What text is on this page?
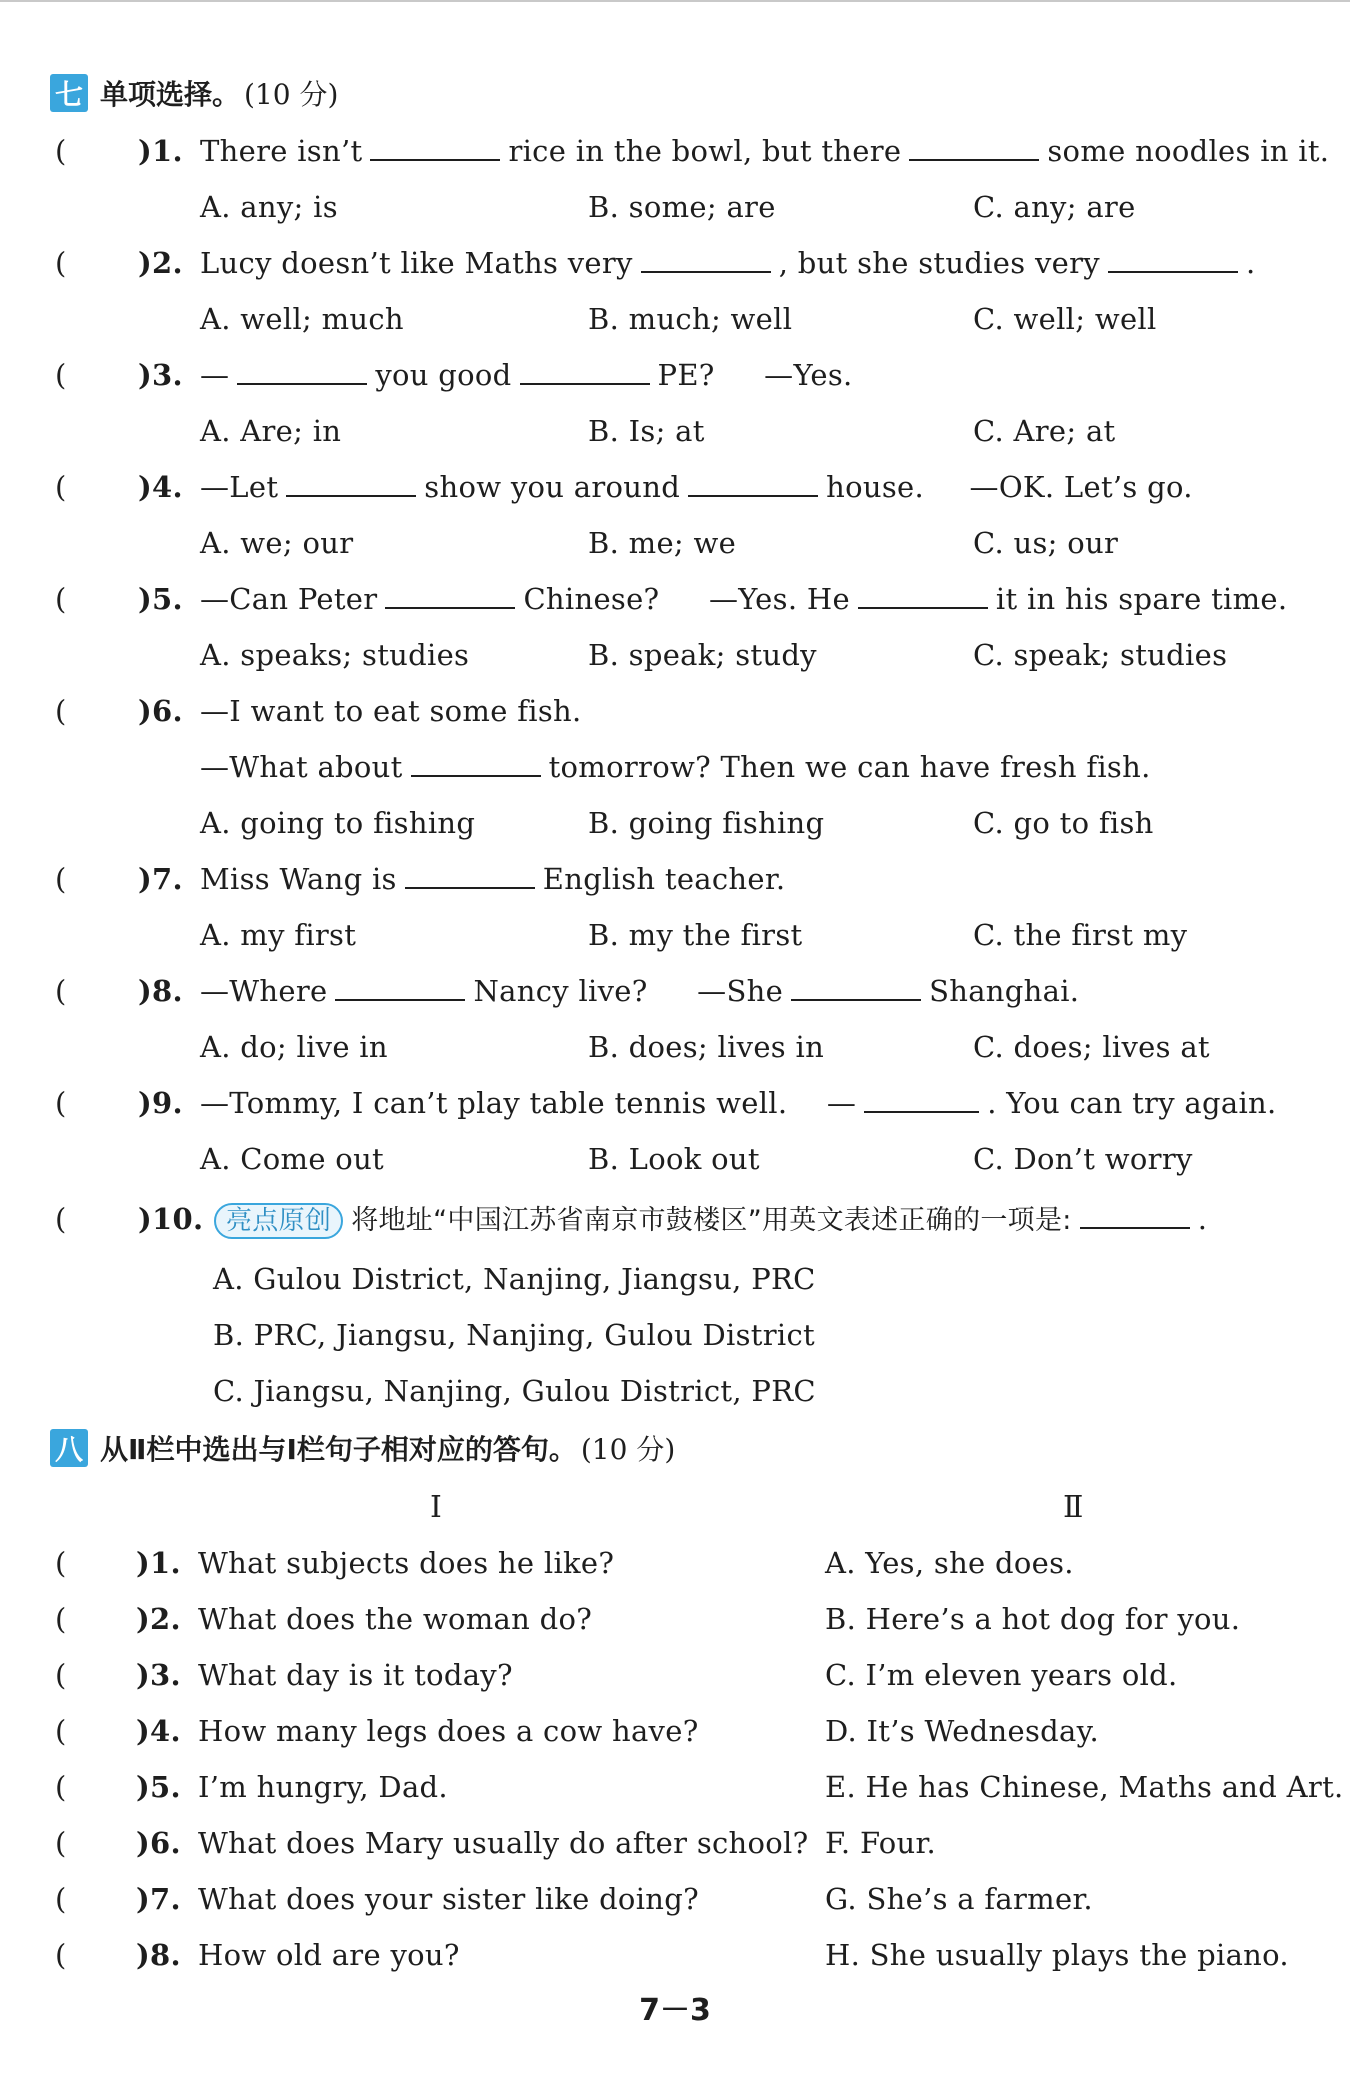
七 单项选择。 (10 分)
( )1. There isn’t	rice in the bowl, but there	some noodles in it.
A. any; is	B. some; are	C. any; are
( )2. Lucy doesn’t like Maths very	, but she studies very	.
A. well; much	B. much; well	C. well; well
( )3. —	you good	PE? —Yes.
A. Are; in	B. Is; at	C. Are; at
( )4. —Let	show you around	house. —OK. Let’s go.
A. we; our	B. me; we	C. us; our
( )5. —Can Peter	Chinese? —Yes. He	it in his spare time.
A. speaks; studies	B. speak; study	C. speak; studies
( )6. —I want to eat some fish.
—What about	tomorrow? Then we can have fresh fish.
A. going to fishing	B. going fishing	C. go to fish
( )7. Miss Wang is	English teacher.
A. my first	B. my the first	C. the first my
( )8. —Where	Nancy live? —She	Shanghai.
A. do; live in	B. does; lives in	C. does; lives at
( )9. —Tommy, I can’t play table tennis well. —	. You can try again.
A. Come out	B. Look out	C. Don’t worry
( )10. 亮点原创 将地址“中国江苏省南京市鼓楼区”用英文表述正确的一项是:	.
A. Gulou District, Nanjing, Jiangsu, PRC
B. PRC, Jiangsu, Nanjing, Gulou District
C. Jiangsu, Nanjing, Gulou District, PRC
八 从Ⅱ栏中选出与Ⅰ栏句子相对应的答句。 (10 分)
Ⅰ	Ⅱ
( )1. What subjects does he like?	A. Yes, she does.
( )2. What does the woman do?	B. Here’s a hot dog for you.
( )3. What day is it today?	C. I’m eleven years old.
( )4. How many legs does a cow have?	D. It’s Wednesday.
( )5. I’m hungry, Dad.	E. He has Chinese, Maths and Art.
( )6. What does Mary usually do after school? F. Four.
( )7. What does your sister like doing?	G. She’s a farmer.
( )8. How old are you?	H. She usually plays the piano.
7－3
